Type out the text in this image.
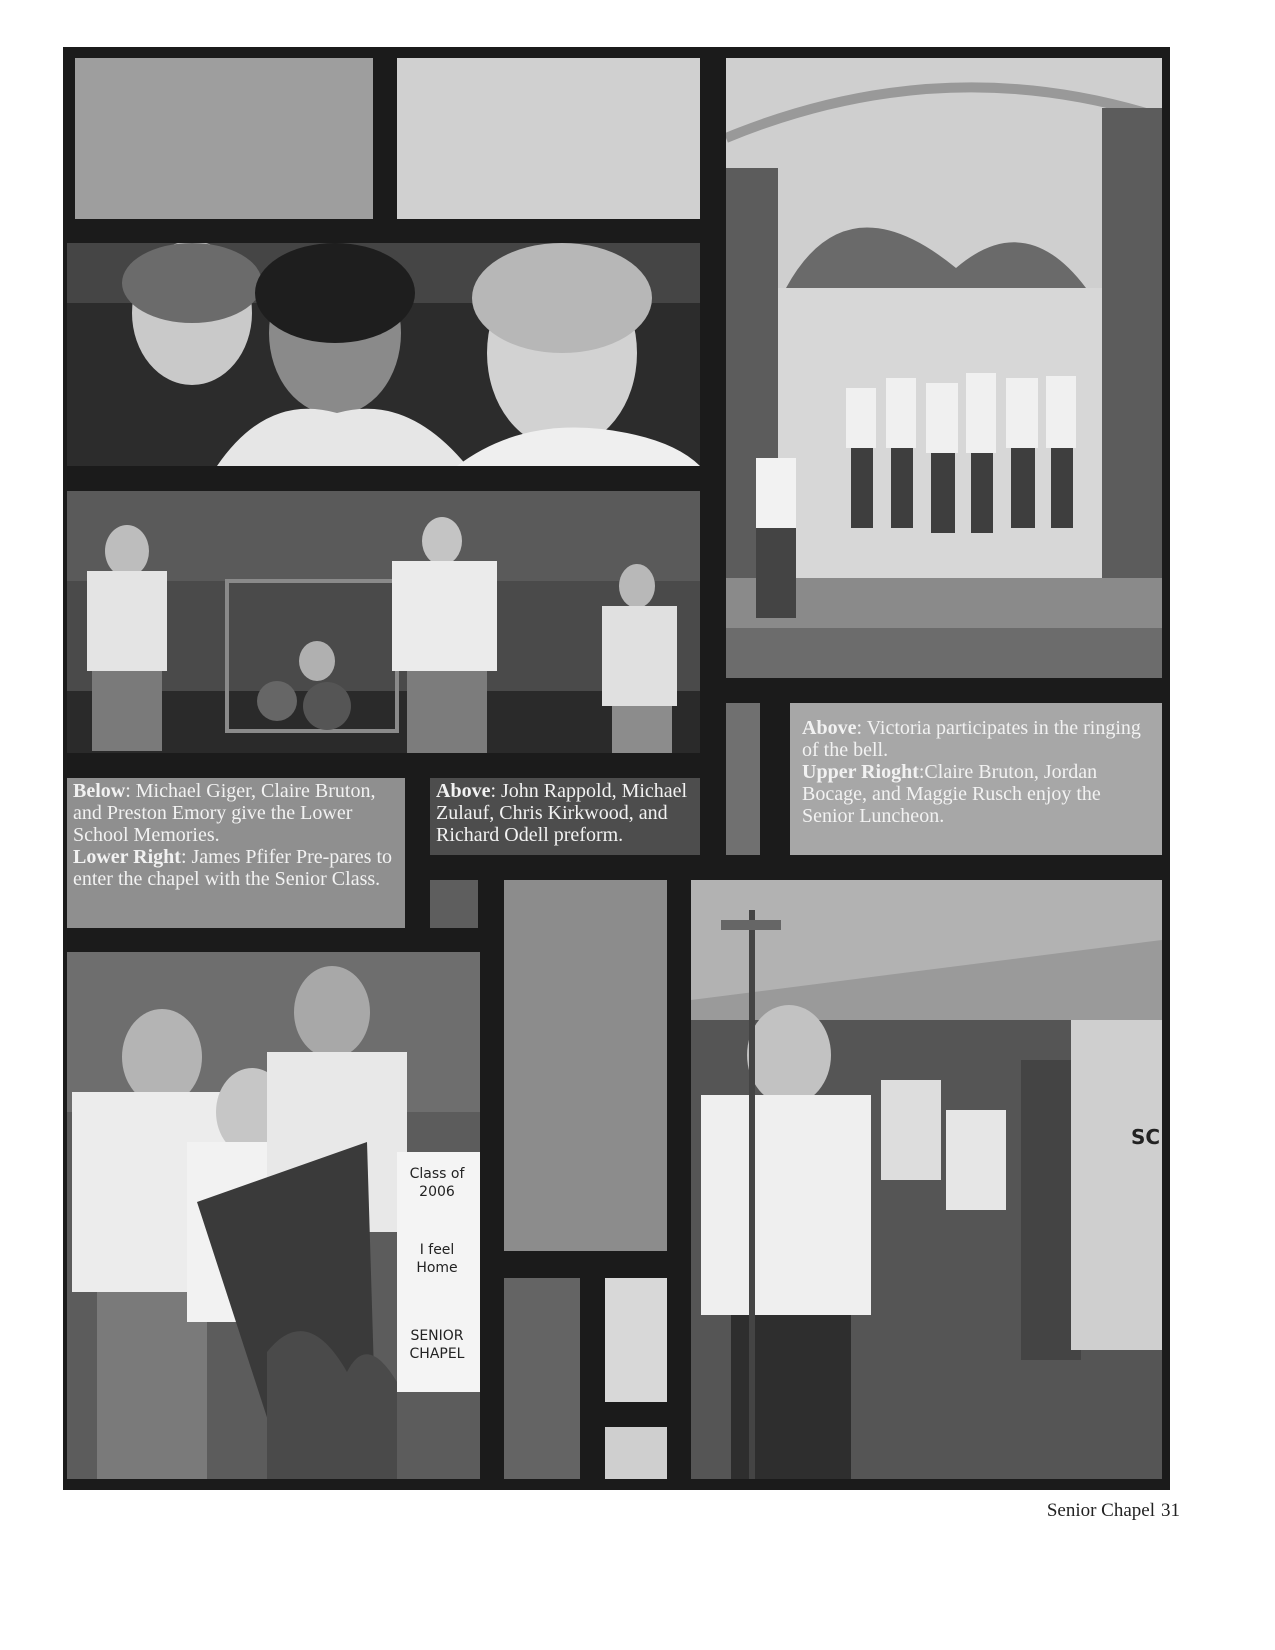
Class of 2006
I feel Home
SENIOR CHAPEL
SC

Below: Michael Giger, Claire Bruton, and Preston Emory give the Lower School Memories.

Lower Right: James Pfifer Pre-pares to enter the chapel with the Senior Class.

Above: John Rappold, Michael Zulauf, Chris Kirkwood, and Richard Odell preform.

Above: Victoria participates in the ringing of the bell.

Upper Rioght:Claire Bruton, Jordan Bocage, and Maggie Rusch enjoy the Senior Luncheon.

Senior Chapel 31
